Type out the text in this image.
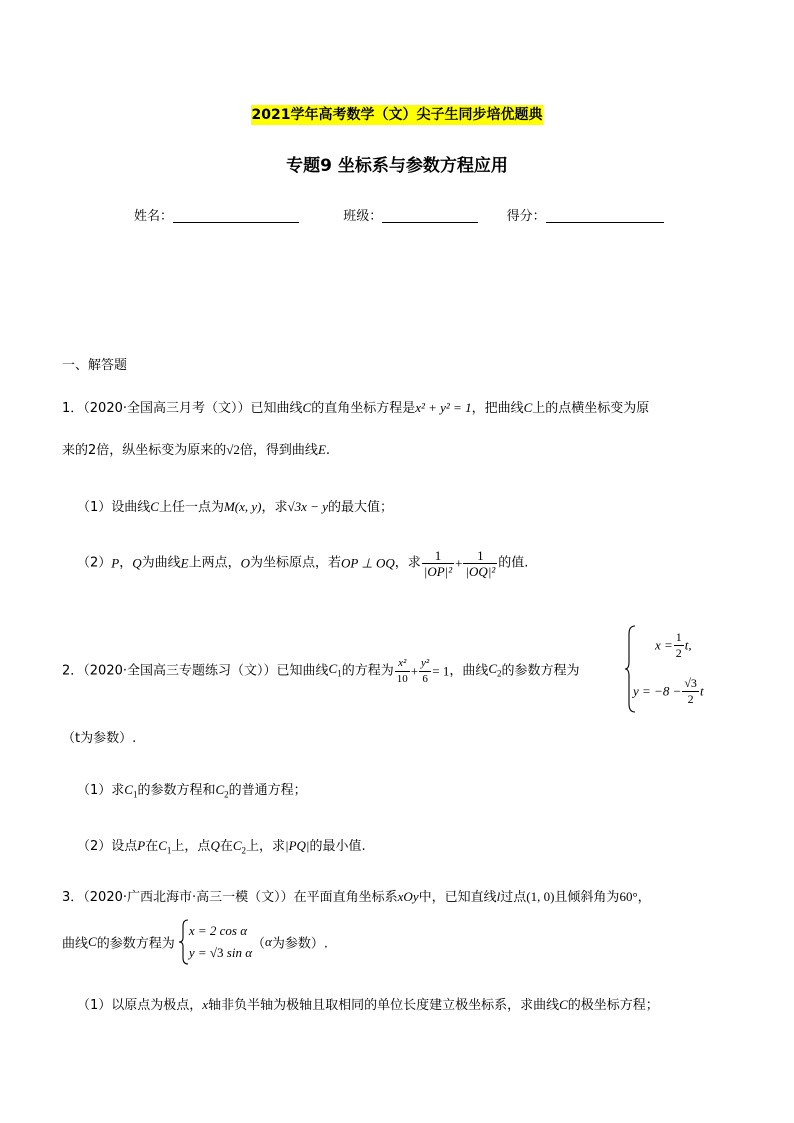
2021学年高考数学（文）尖子生同步培优题典
专题9 坐标系与参数方程应用
姓名：	班级：	得分：
一、解答题
1．（2020·全国高三月考（文））已知曲线C的直角坐标方程是x² + y² = 1，把曲线C上的点横坐标变为原
来的2倍，纵坐标变为原来的√2倍，得到曲线E.
（1）设曲线C上任一点为M(x, y)，求√3x − y的最大值；
（2）P，Q为曲线E上两点，O为坐标原点，若OP ⊥ OQ，求 $\frac{1}{\text{|OP|²}} + \frac{1}{\text{|OQ|²}}$ 的值.
2．（2020·全国高三专题练习（文））已知曲线$C_1$的方程为 $\frac{\text{x²}}{10} + \frac{\text{y²}}{6} = 1$，曲线$C_2$的参数方程为
$x = \frac{1}{2} t$,
$y = -8 - \frac{√3}{2}$ t
（t为参数）.
（1）求$C_1$的参数方程和$C_2$的普通方程；
（2）设点P在$C_1$上，点Q在$C_2$上，求|PQ|的最小值.
3．（2020·广西北海市·高三一模（文））在平面直角坐标系xOy中，已知直线l过点(1, 0)且倾斜角为60°，
曲线C的参数方程为
x = 2 cos α
y = √3 sin α
（α为参数）.
（1）以原点为极点，x轴非负半轴为极轴且取相同的单位长度建立极坐标系，求曲线C的极坐标方程；
